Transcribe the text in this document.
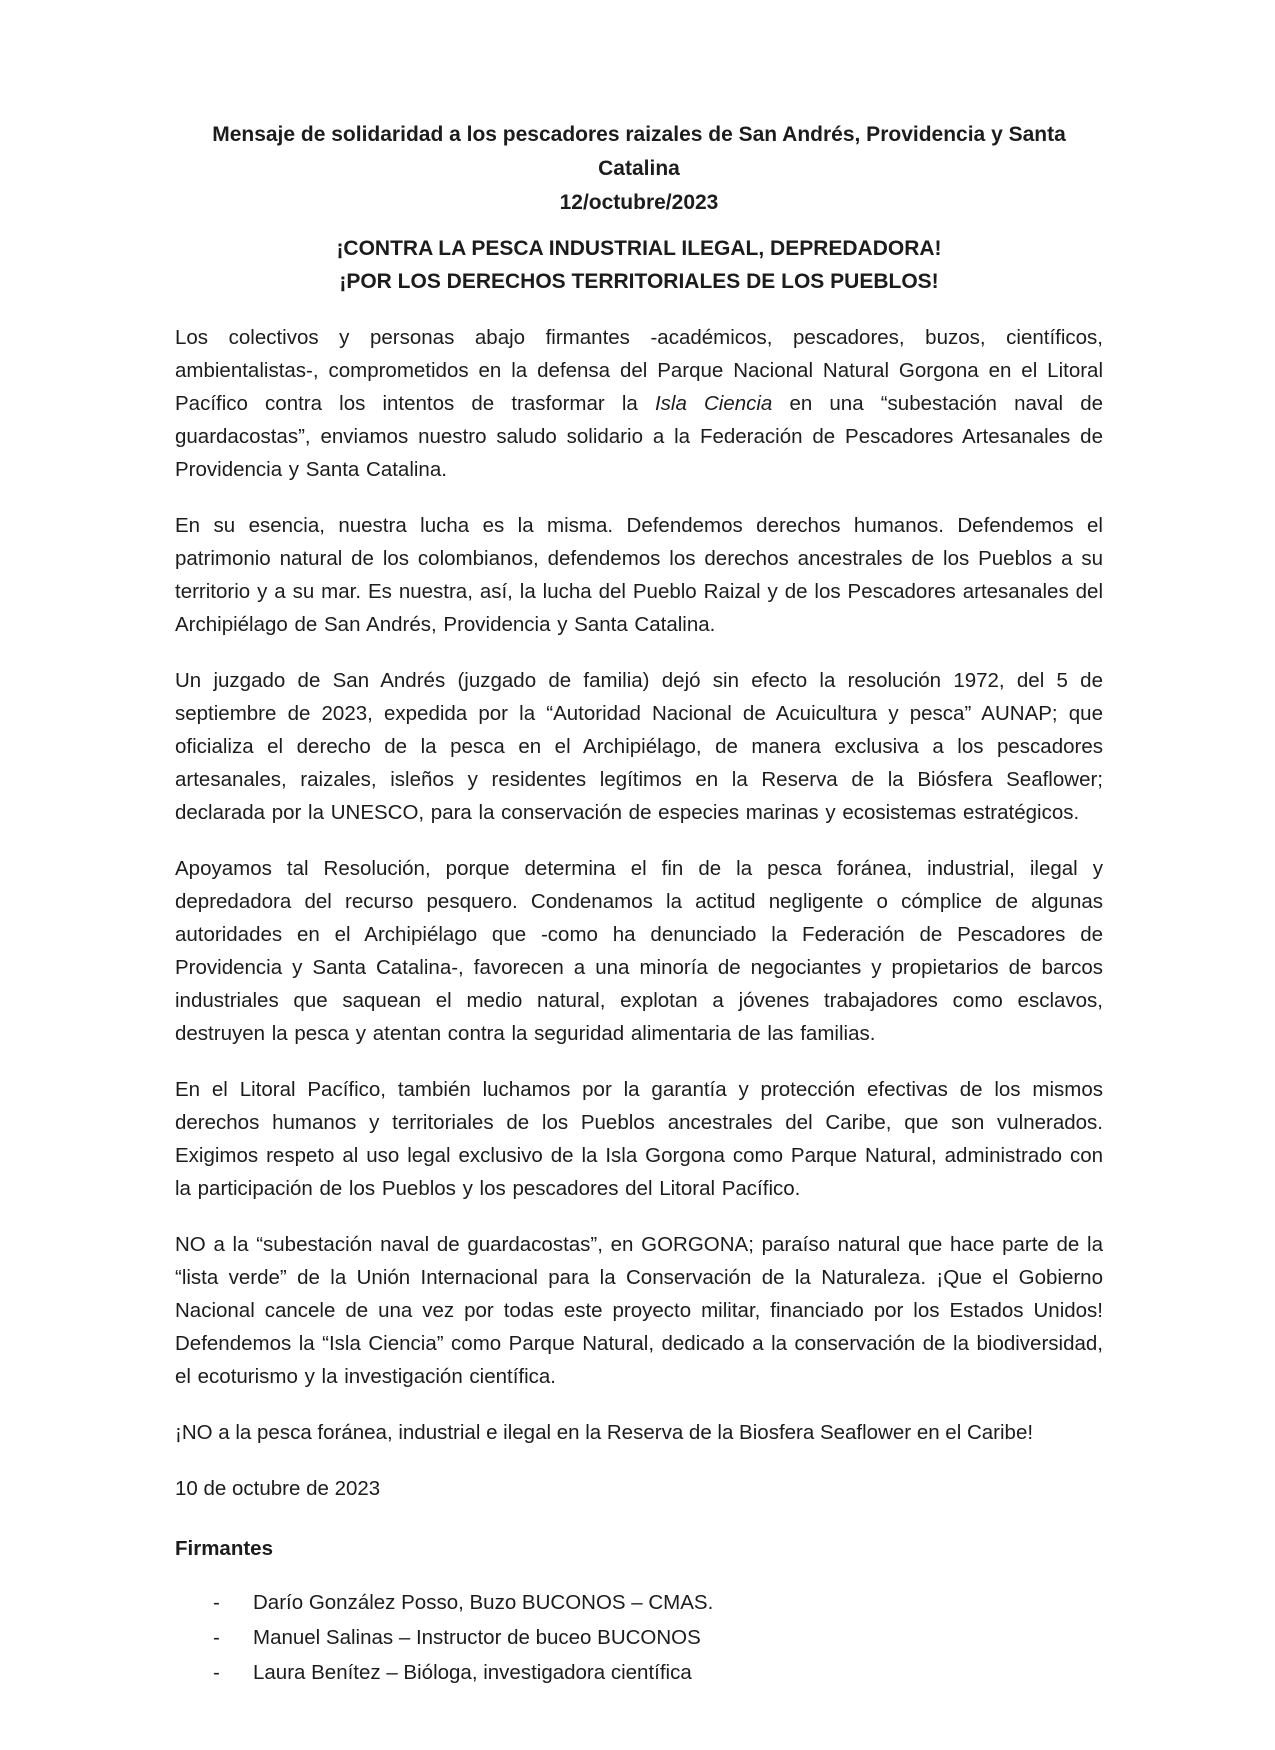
Mensaje de solidaridad a los pescadores raizales de San Andrés, Providencia y Santa Catalina
12/octubre/2023
¡CONTRA LA PESCA INDUSTRIAL ILEGAL, DEPREDADORA!
¡POR LOS DERECHOS TERRITORIALES DE LOS PUEBLOS!

Los colectivos y personas abajo firmantes -académicos, pescadores, buzos, científicos, ambientalistas-, comprometidos en la defensa del Parque Nacional Natural Gorgona en el Litoral Pacífico contra los intentos de trasformar la Isla Ciencia en una “subestación naval de guardacostas”, enviamos nuestro saludo solidario a la Federación de Pescadores Artesanales de Providencia y Santa Catalina.

En su esencia, nuestra lucha es la misma. Defendemos derechos humanos. Defendemos el patrimonio natural de los colombianos, defendemos los derechos ancestrales de los Pueblos a su territorio y a su mar. Es nuestra, así, la lucha del Pueblo Raizal y de los Pescadores artesanales del Archipiélago de San Andrés, Providencia y Santa Catalina.

Un juzgado de San Andrés (juzgado de familia) dejó sin efecto la resolución 1972, del 5 de septiembre de 2023, expedida por la “Autoridad Nacional de Acuicultura y pesca” AUNAP; que oficializa el derecho de la pesca en el Archipiélago, de manera exclusiva a los pescadores artesanales, raizales, isleños y residentes legítimos en la Reserva de la Biósfera Seaflower; declarada por la UNESCO, para la conservación de especies marinas y ecosistemas estratégicos.

Apoyamos tal Resolución, porque determina el fin de la pesca foránea, industrial, ilegal y depredadora del recurso pesquero. Condenamos la actitud negligente o cómplice de algunas autoridades en el Archipiélago que -como ha denunciado la Federación de Pescadores de Providencia y Santa Catalina-, favorecen a una minoría de negociantes y propietarios de barcos industriales que saquean el medio natural, explotan a jóvenes trabajadores como esclavos, destruyen la pesca y atentan contra la seguridad alimentaria de las familias.

En el Litoral Pacífico, también luchamos por la garantía y protección efectivas de los mismos derechos humanos y territoriales de los Pueblos ancestrales del Caribe, que son vulnerados. Exigimos respeto al uso legal exclusivo de la Isla Gorgona como Parque Natural, administrado con la participación de los Pueblos y los pescadores del Litoral Pacífico.

NO a la “subestación naval de guardacostas”, en GORGONA; paraíso natural que hace parte de la “lista verde” de la Unión Internacional para la Conservación de la Naturaleza. ¡Que el Gobierno Nacional cancele de una vez por todas este proyecto militar, financiado por los Estados Unidos! Defendemos la “Isla Ciencia” como Parque Natural, dedicado a la conservación de la biodiversidad, el ecoturismo y la investigación científica.

¡NO a la pesca foránea, industrial e ilegal en la Reserva de la Biosfera Seaflower en el Caribe!

10 de octubre de 2023

Firmantes

-	Darío González Posso, Buzo BUCONOS – CMAS.
-	Manuel Salinas – Instructor de buceo BUCONOS
-	Laura Benítez – Bióloga, investigadora científica
